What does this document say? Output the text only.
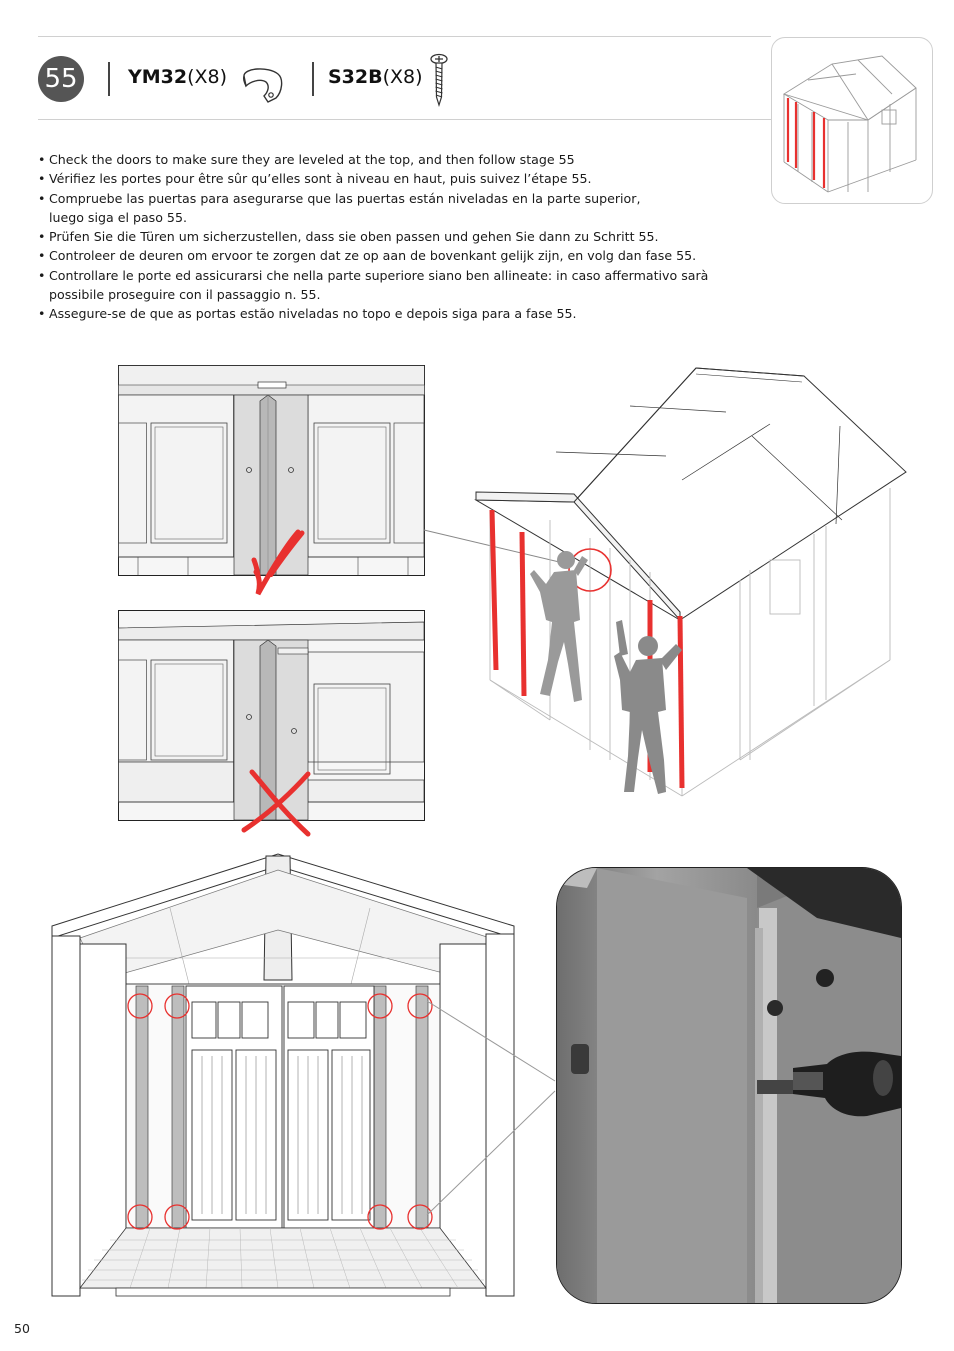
55	YM32(X8)	S32B(X8)
• Check the doors to make sure they are leveled at the top, and then follow stage 55
• Vérifiez les portes pour être sûr qu’elles sont à niveau en haut, puis suivez l’étape 55.
• Compruebe las puertas para asegurarse que las puertas están niveladas en la parte superior, luego siga el paso 55.
• Prüfen Sie die Türen um sicherzustellen, dass sie oben passen und gehen Sie dann zu Schritt 55.
• Controleer de deuren om ervoor te zorgen dat ze op aan de bovenkant gelijk zijn, en volg dan fase 55.
• Controllare le porte ed assicurarsi che nella parte superiore siano ben allineate: in caso affermativo sarà possibile proseguire con il passaggio n. 55.
• Assegure-se de que as portas estão niveladas no topo e depois siga para a fase 55.
50
